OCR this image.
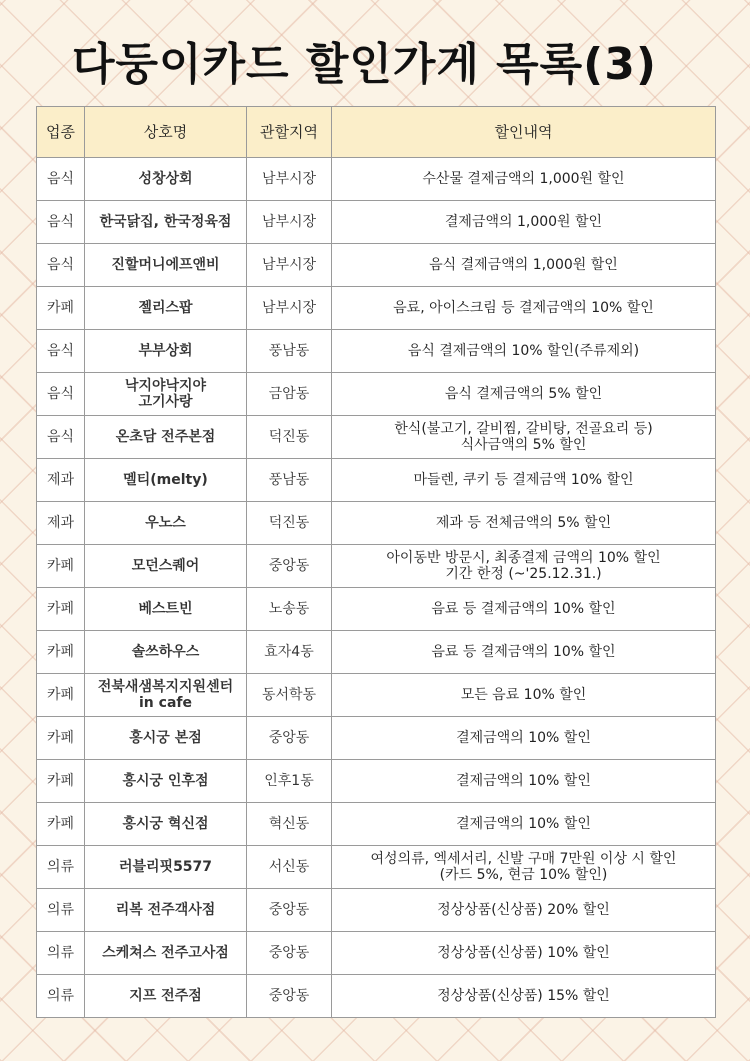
다둥이카드 할인가게 목록(3)
업종	상호명	관할지역	할인내역
음식	성창상회	남부시장	수산물 결제금액의 1,000원 할인

음식	한국닭집, 한국정육점	남부시장	결제금액의 1,000원 할인

음식	진할머니에프앤비	남부시장	음식 결제금액의 1,000원 할인

카페	젤리스팝	남부시장	음료, 아이스크림 등 결제금액의 10% 할인

음식	부부상회	풍남동	음식 결제금액의 10% 할인(주류제외)

음식	낙지야낙지야
고기사랑	금암동	음식 결제금액의 5% 할인

음식	온초담 전주본점	덕진동	한식(불고기, 갈비찜, 갈비탕, 전골요리 등)
식사금액의 5% 할인

제과	멜티(melty)	풍남동	마들렌, 쿠키 등 결제금액 10% 할인

제과	우노스	덕진동	제과 등 전체금액의 5% 할인

카페	모던스퀘어	중앙동	아이동반 방문시, 최종결제 금액의 10% 할인
기간 한정 (~'25.12.31.)

카페	베스트빈	노송동	음료 등 결제금액의 10% 할인

카페	솔쓰하우스	효자4동	음료 등 결제금액의 10% 할인

카페	전북새샘복지지원센터
in cafe	동서학동	모든 음료 10% 할인

카페	홍시궁 본점	중앙동	결제금액의 10% 할인

카페	홍시궁 인후점	인후1동	결제금액의 10% 할인

카페	홍시궁 혁신점	혁신동	결제금액의 10% 할인

의류	러블리핏5577	서신동	여성의류, 엑세서리, 신발 구매 7만원 이상 시 할인
(카드 5%, 현금 10% 할인)

의류	리복 전주객사점	중앙동	정상상품(신상품) 20% 할인

의류	스케쳐스 전주고사점	중앙동	정상상품(신상품) 10% 할인

의류	지프 전주점	중앙동	정상상품(신상품) 15% 할인
